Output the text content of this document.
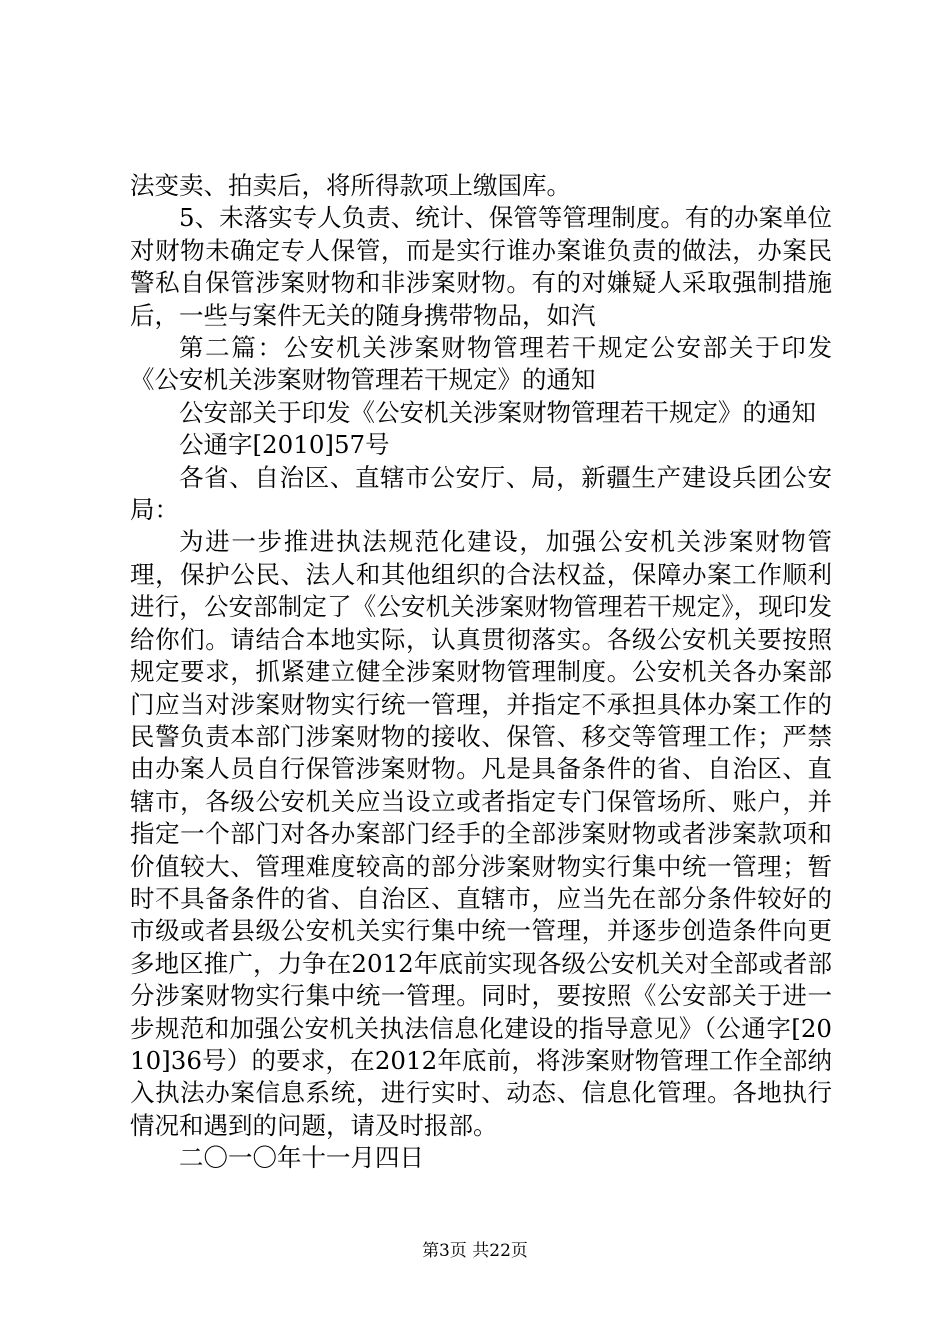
法变卖、拍卖后，将所得款项上缴国库。

5、未落实专人负责、统计、保管等管理制度。有的办案单位对财物未确定专人保管，而是实行谁办案谁负责的做法，办案民警私自保管涉案财物和非涉案财物。有的对嫌疑人采取强制措施后，一些与案件无关的随身携带物品，如汽

第二篇：公安机关涉案财物管理若干规定公安部关于印发《公安机关涉案财物管理若干规定》的通知

公安部关于印发《公安机关涉案财物管理若干规定》的通知

公通字[2010]57号

各省、自治区、直辖市公安厅、局，新疆生产建设兵团公安局：

为进一步推进执法规范化建设，加强公安机关涉案财物管理，保护公民、法人和其他组织的合法权益，保障办案工作顺利进行，公安部制定了《公安机关涉案财物管理若干规定》，现印发给你们。请结合本地实际，认真贯彻落实。各级公安机关要按照规定要求，抓紧建立健全涉案财物管理制度。公安机关各办案部门应当对涉案财物实行统一管理，并指定不承担具体办案工作的民警负责本部门涉案财物的接收、保管、移交等管理工作；严禁由办案人员自行保管涉案财物。凡是具备条件的省、自治区、直辖市，各级公安机关应当设立或者指定专门保管场所、账户，并指定一个部门对各办案部门经手的全部涉案财物或者涉案款项和价值较大、管理难度较高的部分涉案财物实行集中统一管理；暂时不具备条件的省、自治区、直辖市，应当先在部分条件较好的市级或者县级公安机关实行集中统一管理，并逐步创造条件向更多地区推广，力争在2012年底前实现各级公安机关对全部或者部分涉案财物实行集中统一管理。同时，要按照《公安部关于进一步规范和加强公安机关执法信息化建设的指导意见》（公通字[2010]36号）的要求，在2012年底前，将涉案财物管理工作全部纳入执法办案信息系统，进行实时、动态、信息化管理。各地执行情况和遇到的问题，请及时报部。

二〇一〇年十一月四日

第3页 共22页
